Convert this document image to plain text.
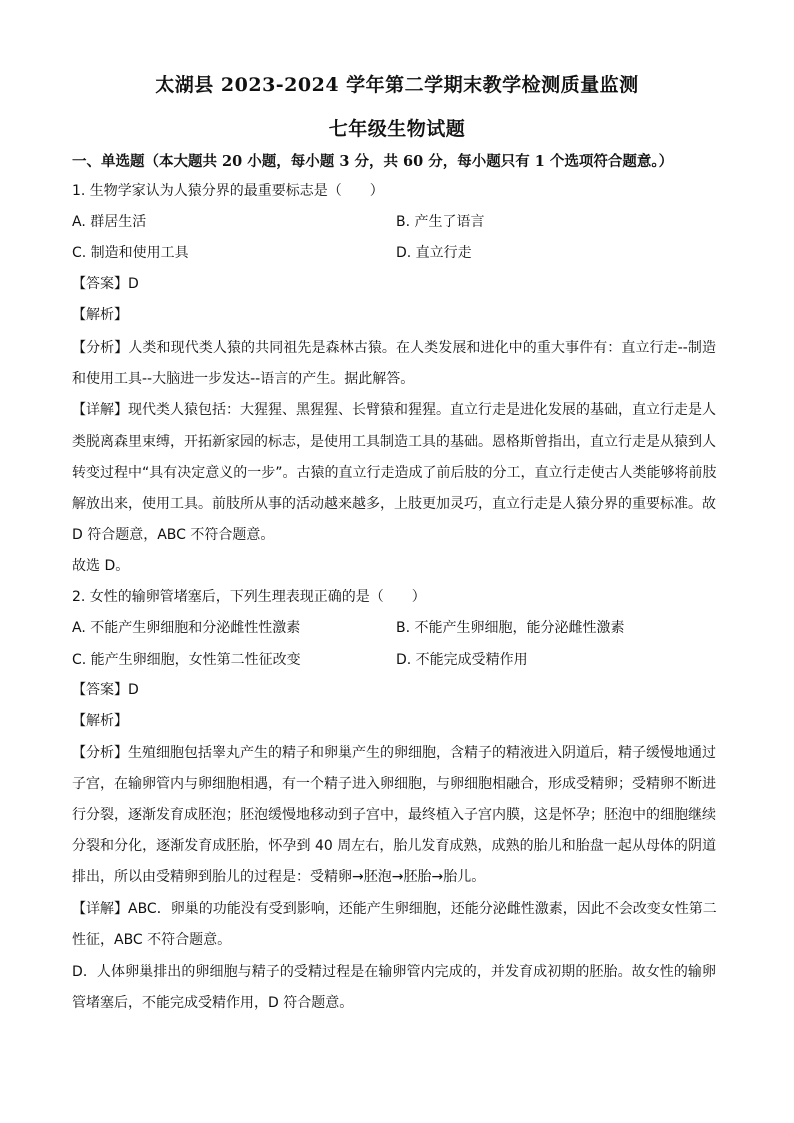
太湖县 2023-2024 学年第二学期末教学检测质量监测
七年级生物试题
一、单选题（本大题共 20 小题，每小题 3 分，共 60 分，每小题只有 1 个选项符合题意。）
1. 生物学家认为人猿分界的最重要标志是（　　）
A. 群居生活	B. 产生了语言
C. 制造和使用工具	D. 直立行走
【答案】D
【解析】
【分析】人类和现代类人猿的共同祖先是森林古猿。在人类发展和进化中的重大事件有：直立行走--制造
和使用工具--大脑进一步发达--语言的产生。据此解答。
【详解】现代类人猿包括：大猩猩、黑猩猩、长臂猿和猩猩。直立行走是进化发展的基础，直立行走是人
类脱离森里束缚，开拓新家园的标志，是使用工具制造工具的基础。恩格斯曾指出，直立行走是从猿到人
转变过程中“具有决定意义的一步”。古猿的直立行走造成了前后肢的分工，直立行走使古人类能够将前肢
解放出来，使用工具。前肢所从事的活动越来越多，上肢更加灵巧，直立行走是人猿分界的重要标准。故
D 符合题意，ABC 不符合题意。
故选 D。
2. 女性的输卵管堵塞后，下列生理表现正确的是（　　）
A. 不能产生卵细胞和分泌雌性性激素	B. 不能产生卵细胞，能分泌雌性激素
C. 能产生卵细胞，女性第二性征改变	D. 不能完成受精作用
【答案】D
【解析】
【分析】生殖细胞包括睾丸产生的精子和卵巢产生的卵细胞，含精子的精液进入阴道后，精子缓慢地通过
子宫，在输卵管内与卵细胞相遇，有一个精子进入卵细胞，与卵细胞相融合，形成受精卵；受精卵不断进
行分裂，逐渐发育成胚泡；胚泡缓慢地移动到子宫中，最终植入子宫内膜，这是怀孕；胚泡中的细胞继续
分裂和分化，逐渐发育成胚胎，怀孕到 40 周左右，胎儿发育成熟，成熟的胎儿和胎盘一起从母体的阴道
排出，所以由受精卵到胎儿的过程是：受精卵→胚泡→胚胎→胎儿。
【详解】ABC．卵巢的功能没有受到影响，还能产生卵细胞，还能分泌雌性激素，因此不会改变女性第二
性征，ABC 不符合题意。
D．人体卵巢排出的卵细胞与精子的受精过程是在输卵管内完成的，并发育成初期的胚胎。故女性的输卵
管堵塞后，不能完成受精作用，D 符合题意。
